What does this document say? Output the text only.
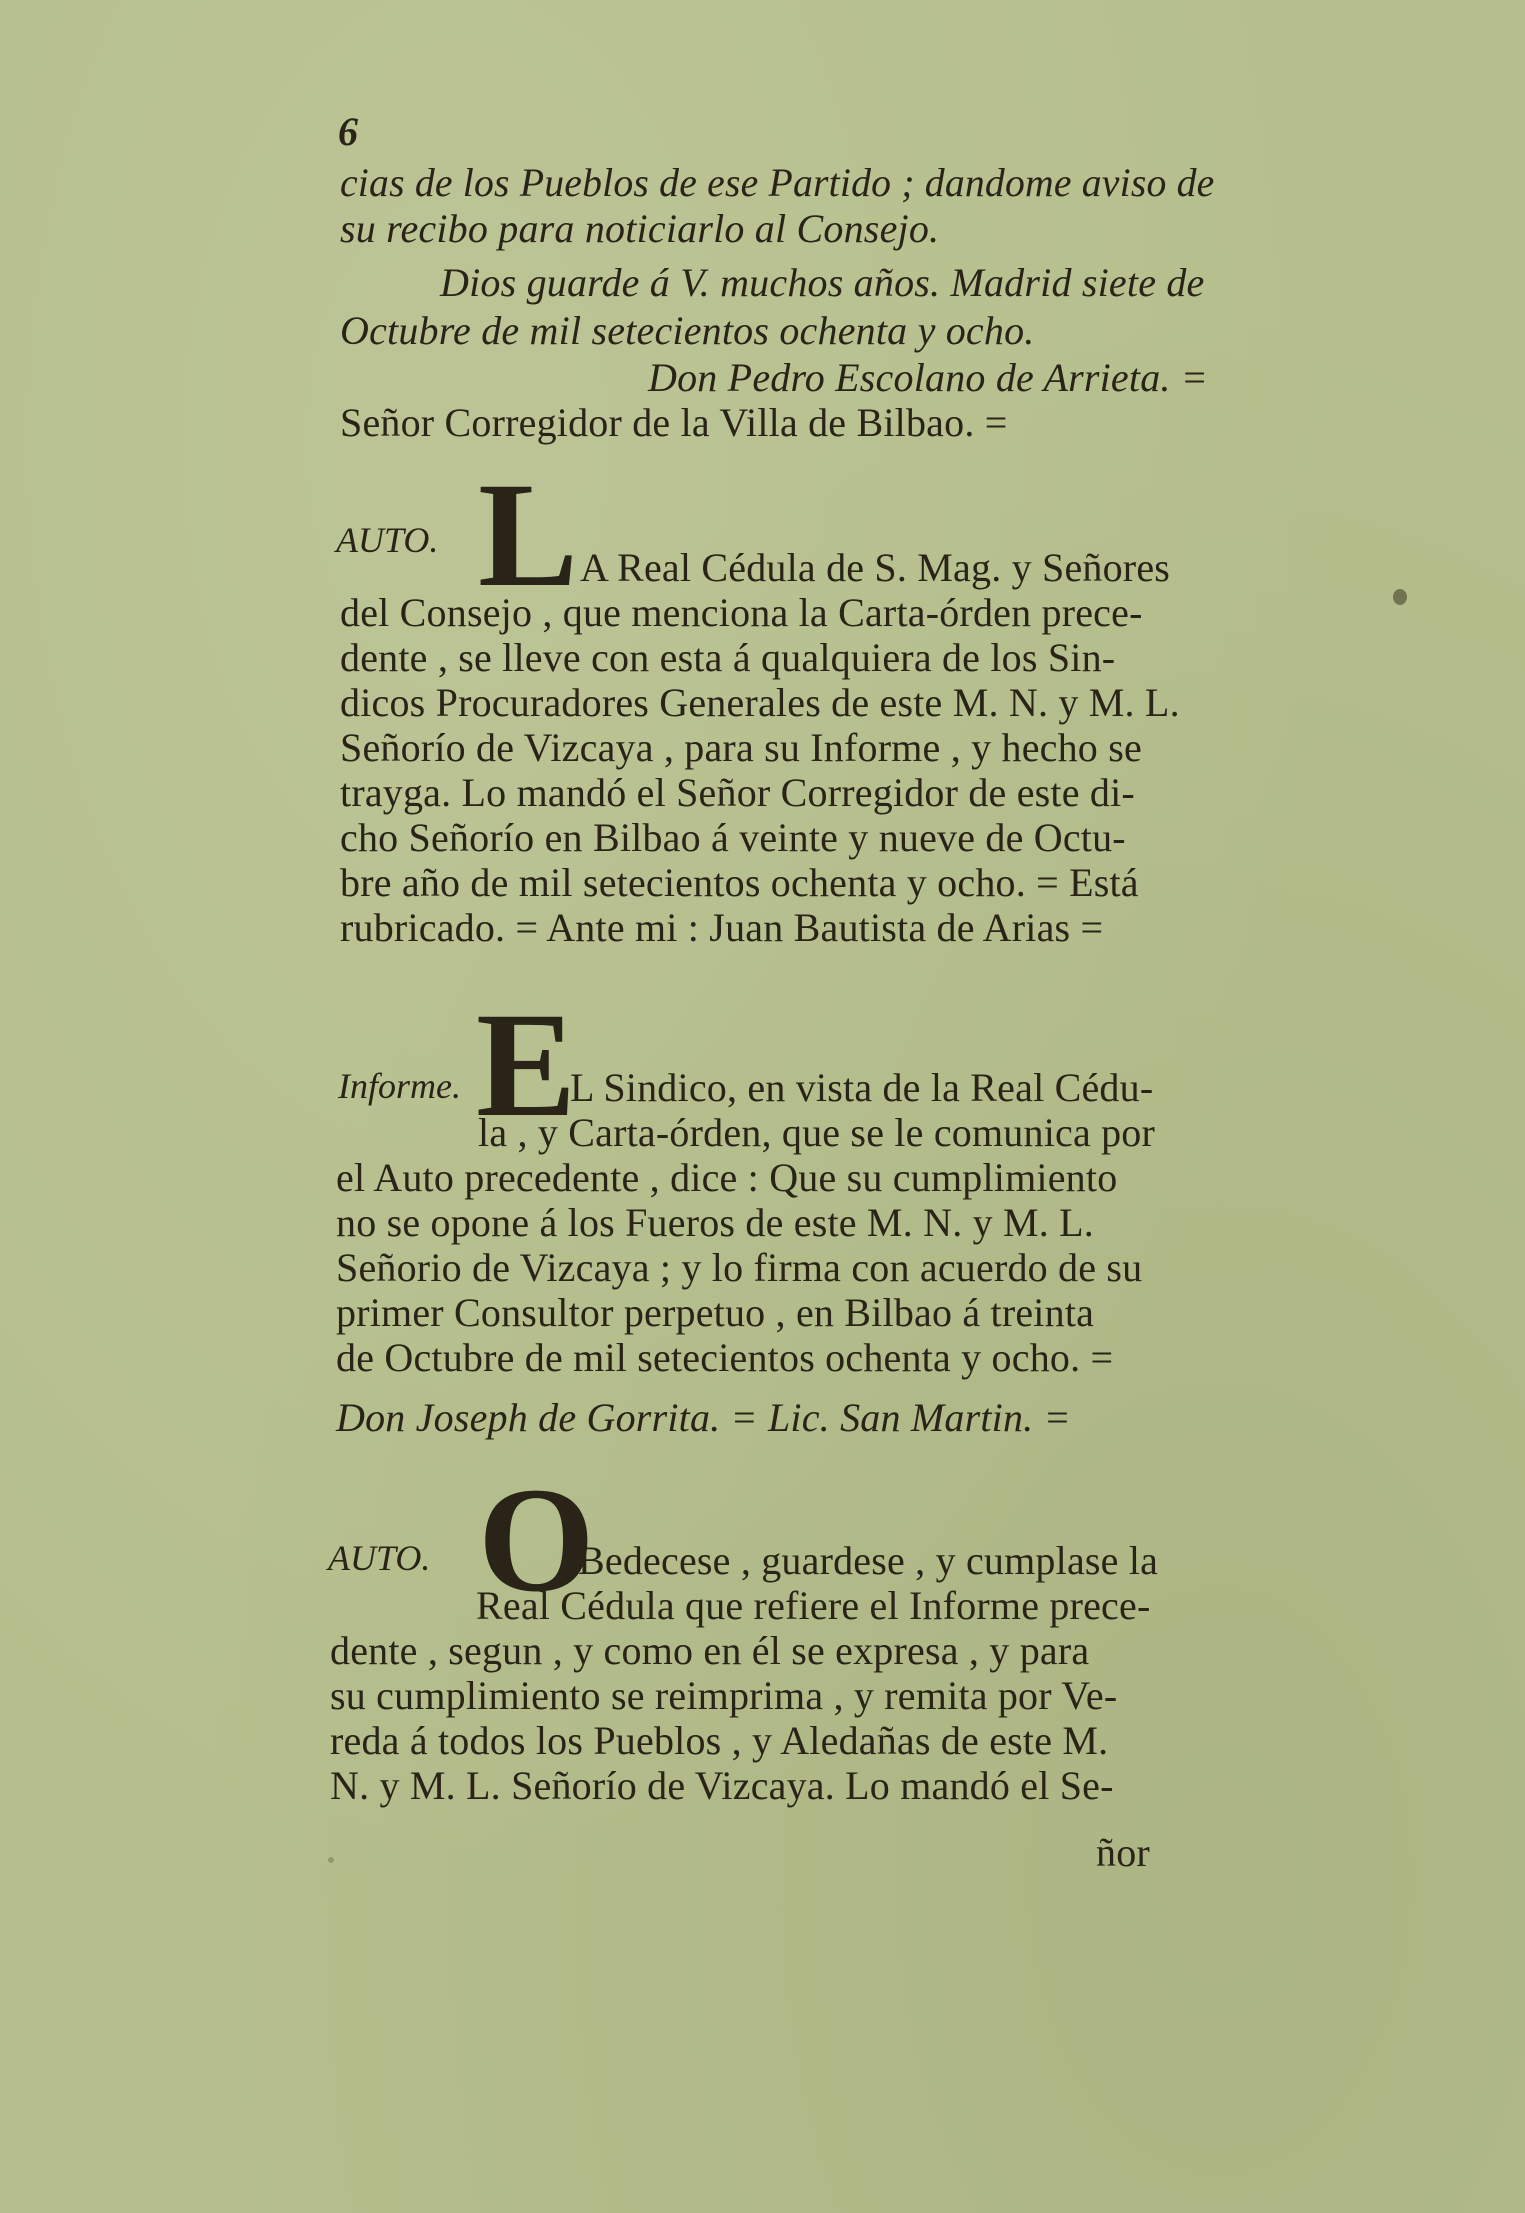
6
cias de los Pueblos de ese Partido ; dandome aviso de
su recibo para noticiarlo al Consejo.
Dios guarde á V. muchos años. Madrid siete de
Octubre de mil setecientos ochenta y ocho.
Don Pedro Escolano de Arrieta. =
Señor Corregidor de la Villa de Bilbao. =
AUTO. L A Real Cédula de S. Mag. y Señores
del Consejo , que menciona la Carta-órden prece-
dente , se lleve con esta á qualquiera de los Sin-
dicos Procuradores Generales de este M. N. y M. L.
Señorío de Vizcaya , para su Informe , y hecho se
trayga. Lo mandó el Señor Corregidor de este di-
cho Señorío en Bilbao á veinte y nueve de Octu-
bre año de mil setecientos ochenta y ocho. = Está
rubricado. = Ante mi : Juan Bautista de Arias =
Informe. E
L Sindico, en vista de la Real Cédu-
la , y Carta-órden, que se le comunica por
el Auto precedente , dice : Que su cumplimiento
no se opone á los Fueros de este M. N. y M. L.
Señorio de Vizcaya ; y lo firma con acuerdo de su
primer Consultor perpetuo , en Bilbao á treinta
de Octubre de mil setecientos ochenta y ocho. =
Don Joseph de Gorrita. = Lic. San Martin. =
AUTO. O
Bedecese , guardese , y cumplase la
Real Cédula que refiere el Informe prece-
dente , segun , y como en él se expresa , y para
su cumplimiento se reimprima , y remita por Ve-
reda á todos los Pueblos , y Aledañas de este M.
N. y M. L. Señorío de Vizcaya. Lo mandó el Se-
ñor
